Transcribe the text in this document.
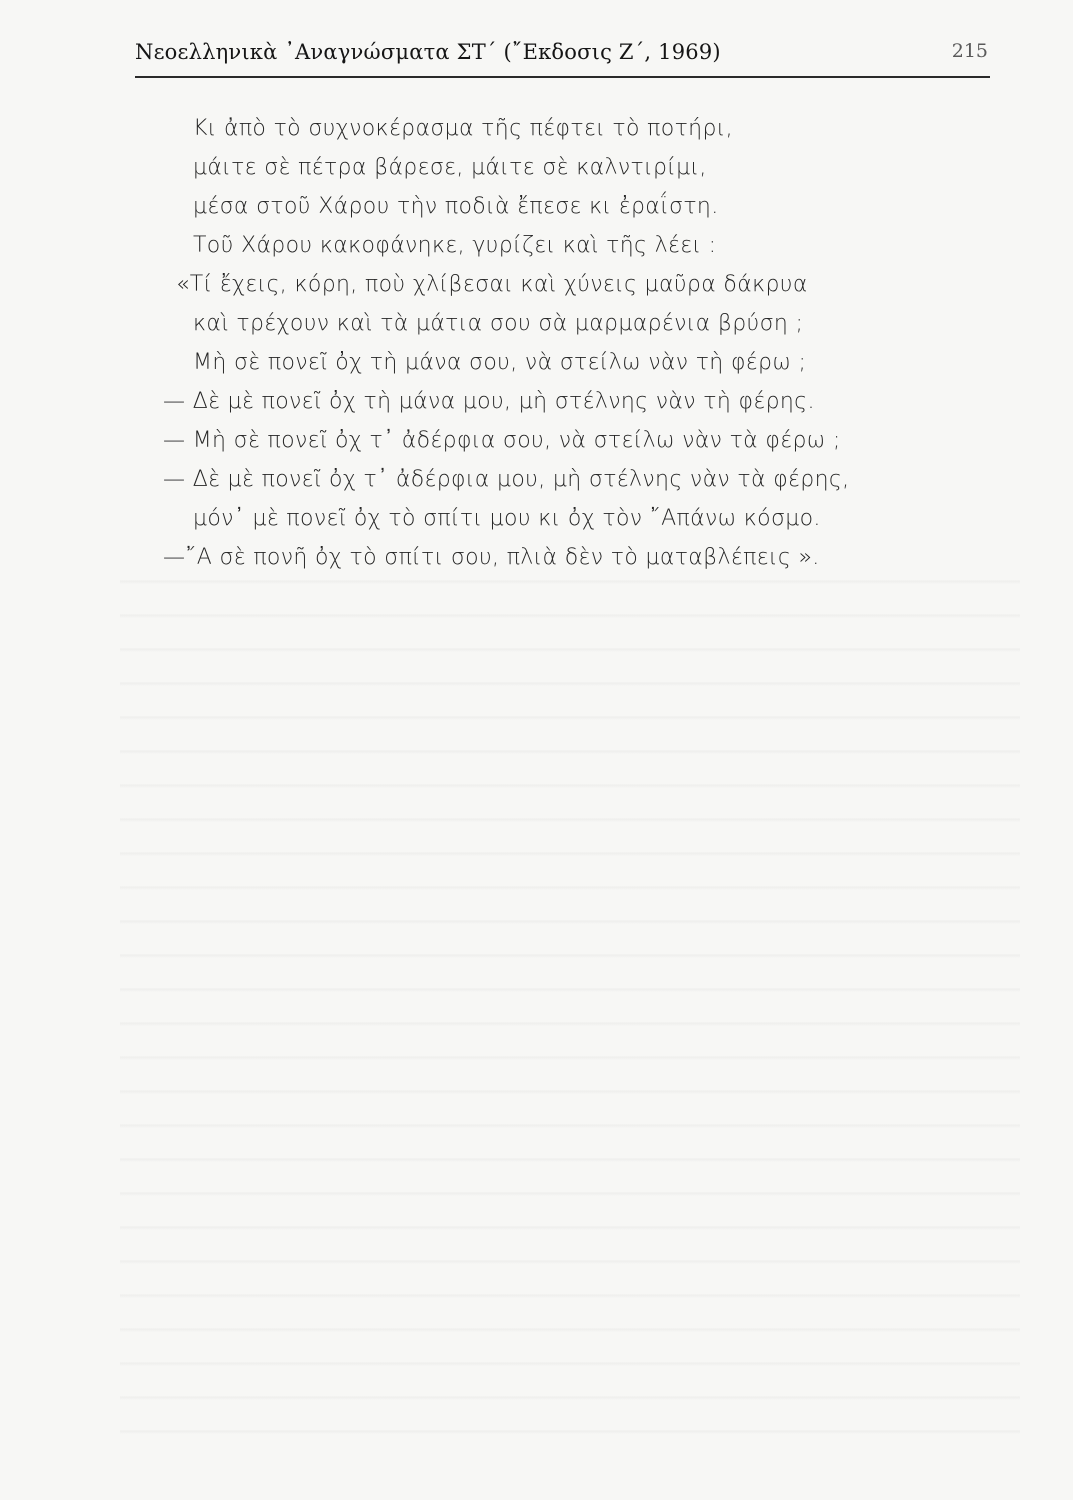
Νεοελληνικὰ ᾿Αναγνώσματα ΣΤ΄ (῎Εκδοσις Ζ΄, 1969)	215
Κι ἀπὸ τὸ συχνοκέρασμα τῆς πέφτει τὸ ποτήρι,
μάιτε σὲ πέτρα βάρεσε, μάιτε σὲ καλντιρίμι,
μέσα στοῦ Χάρου τὴν ποδιὰ ἔπεσε κι ἐραΐστη.
Τοῦ Χάρου κακοφάνηκε, γυρίζει καὶ τῆς λέει :
«Τί ἔχεις, κόρη, ποὺ χλίβεσαι καὶ χύνεις μαῦρα δάκρυα
καὶ τρέχουν καὶ τὰ μάτια σου σὰ μαρμαρένια βρύση ;
Μὴ σὲ πονεῖ ὀχ τὴ μάνα σου, νὰ στείλω νὰν τὴ φέρω ;
— Δὲ μὲ πονεῖ ὀχ τὴ μάνα μου, μὴ στέλνης νὰν τὴ φέρης.
— Μὴ σὲ πονεῖ ὀχ τ᾿ ἀδέρφια σου, νὰ στείλω νὰν τὰ φέρω ;
— Δὲ μὲ πονεῖ ὀχ τ᾿ ἀδέρφια μου, μὴ στέλνης νὰν τὰ φέρης,
μόν᾿ μὲ πονεῖ ὀχ τὸ σπίτι μου κι ὀχ τὸν ῎Απάνω κόσμο.
—῎Α σὲ πονῆ ὀχ τὸ σπίτι σου, πλιὰ δὲν τὸ ματαβλέπεις ».
